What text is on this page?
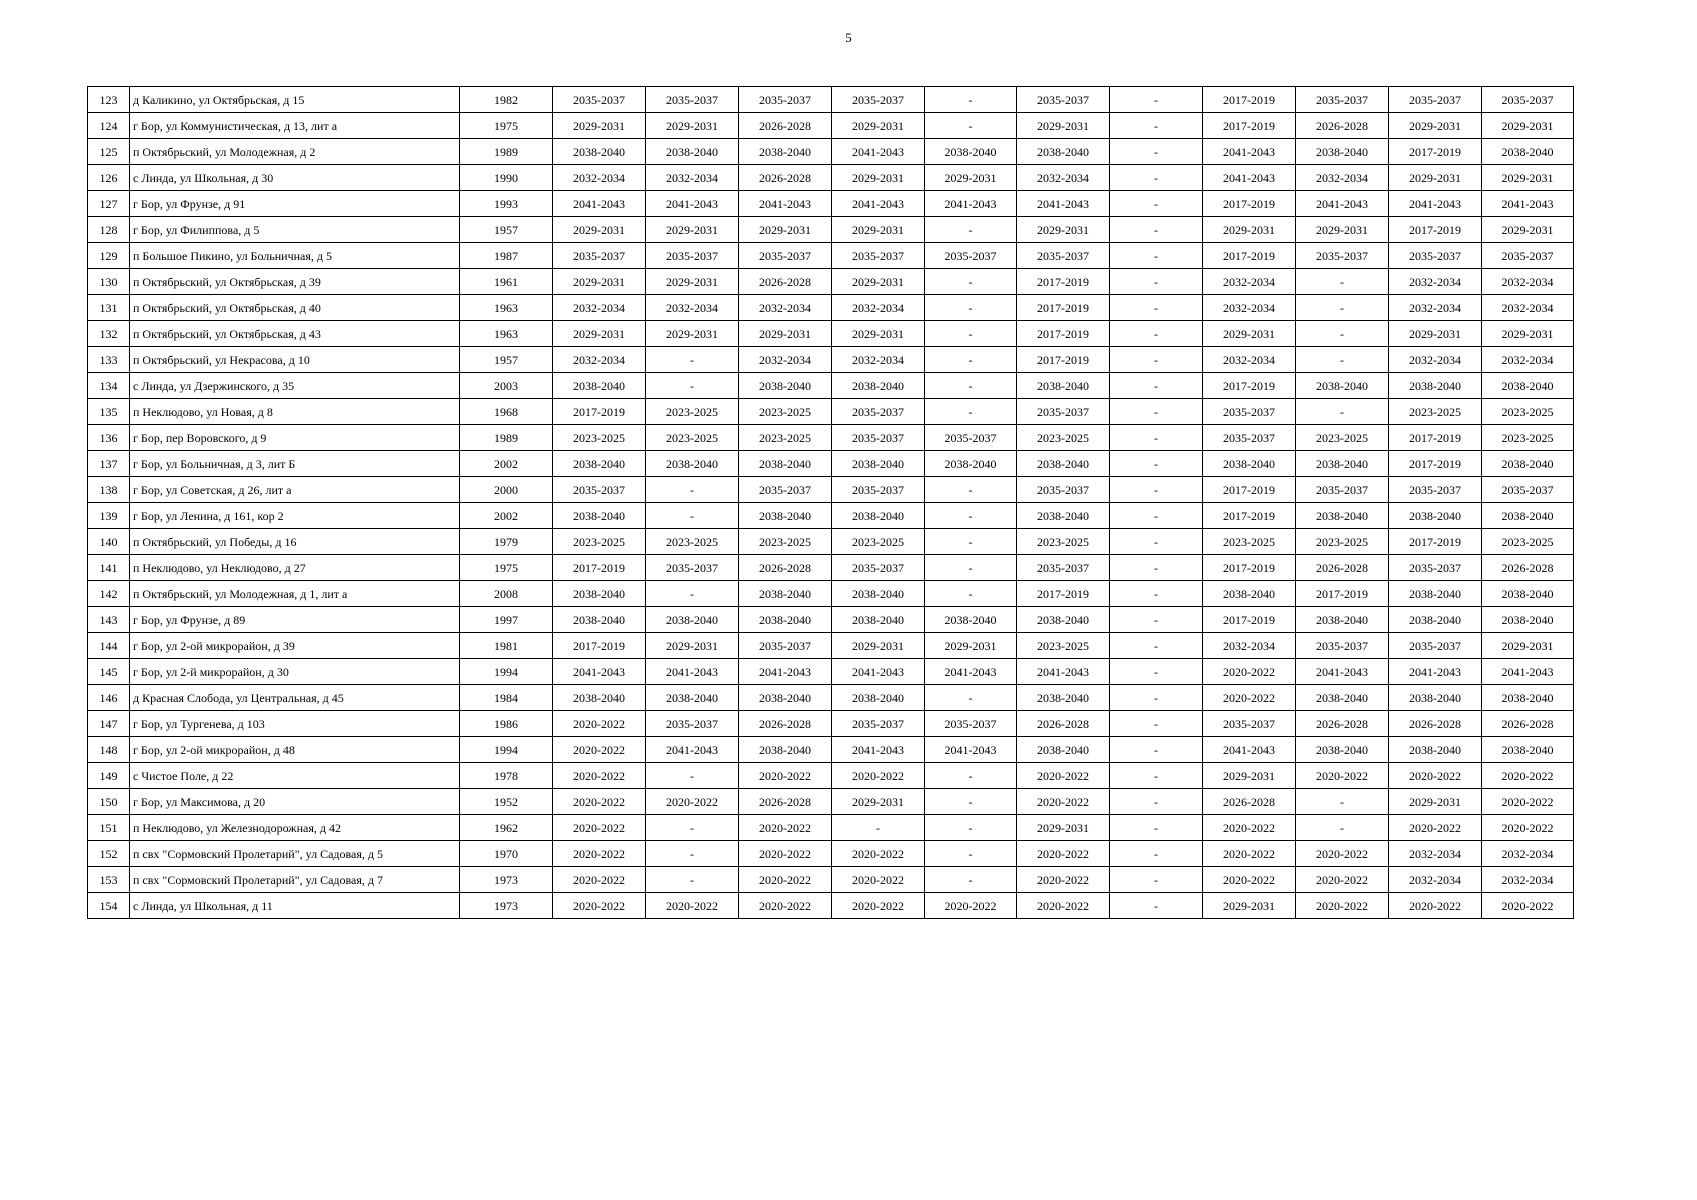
5
123	д Каликино, ул Октябрьская, д 15	1982	2035-2037	2035-2037	2035-2037	2035-2037	-	2035-2037	-	2017-2019	2035-2037	2035-2037	2035-2037
124	г Бор, ул Коммунистическая, д 13, лит а	1975	2029-2031	2029-2031	2026-2028	2029-2031	-	2029-2031	-	2017-2019	2026-2028	2029-2031	2029-2031
125	п Октябрьский, ул Молодежная, д 2	1989	2038-2040	2038-2040	2038-2040	2041-2043	2038-2040	2038-2040	-	2041-2043	2038-2040	2017-2019	2038-2040
126	с Линда, ул Школьная, д 30	1990	2032-2034	2032-2034	2026-2028	2029-2031	2029-2031	2032-2034	-	2041-2043	2032-2034	2029-2031	2029-2031
127	г Бор, ул Фрунзе, д 91	1993	2041-2043	2041-2043	2041-2043	2041-2043	2041-2043	2041-2043	-	2017-2019	2041-2043	2041-2043	2041-2043
128	г Бор, ул Филиппова, д 5	1957	2029-2031	2029-2031	2029-2031	2029-2031	-	2029-2031	-	2029-2031	2029-2031	2017-2019	2029-2031
129	п Большое Пикино, ул Больничная, д 5	1987	2035-2037	2035-2037	2035-2037	2035-2037	2035-2037	2035-2037	-	2017-2019	2035-2037	2035-2037	2035-2037
130	п Октябрьский, ул Октябрьская, д 39	1961	2029-2031	2029-2031	2026-2028	2029-2031	-	2017-2019	-	2032-2034	-	2032-2034	2032-2034
131	п Октябрьский, ул Октябрьская, д 40	1963	2032-2034	2032-2034	2032-2034	2032-2034	-	2017-2019	-	2032-2034	-	2032-2034	2032-2034
132	п Октябрьский, ул Октябрьская, д 43	1963	2029-2031	2029-2031	2029-2031	2029-2031	-	2017-2019	-	2029-2031	-	2029-2031	2029-2031
133	п Октябрьский, ул Некрасова, д 10	1957	2032-2034	-	2032-2034	2032-2034	-	2017-2019	-	2032-2034	-	2032-2034	2032-2034
134	с Линда, ул Дзержинского, д 35	2003	2038-2040	-	2038-2040	2038-2040	-	2038-2040	-	2017-2019	2038-2040	2038-2040	2038-2040
135	п Неклюдово, ул Новая, д 8	1968	2017-2019	2023-2025	2023-2025	2035-2037	-	2035-2037	-	2035-2037	-	2023-2025	2023-2025
136	г Бор, пер Воровского, д 9	1989	2023-2025	2023-2025	2023-2025	2035-2037	2035-2037	2023-2025	-	2035-2037	2023-2025	2017-2019	2023-2025
137	г Бор, ул Больничная, д 3, лит Б	2002	2038-2040	2038-2040	2038-2040	2038-2040	2038-2040	2038-2040	-	2038-2040	2038-2040	2017-2019	2038-2040
138	г Бор, ул Советская, д 26, лит а	2000	2035-2037	-	2035-2037	2035-2037	-	2035-2037	-	2017-2019	2035-2037	2035-2037	2035-2037
139	г Бор, ул Ленина, д 161, кор 2	2002	2038-2040	-	2038-2040	2038-2040	-	2038-2040	-	2017-2019	2038-2040	2038-2040	2038-2040
140	п Октябрьский, ул Победы, д 16	1979	2023-2025	2023-2025	2023-2025	2023-2025	-	2023-2025	-	2023-2025	2023-2025	2017-2019	2023-2025
141	п Неклюдово, ул Неклюдово, д 27	1975	2017-2019	2035-2037	2026-2028	2035-2037	-	2035-2037	-	2017-2019	2026-2028	2035-2037	2026-2028
142	п Октябрьский, ул Молодежная, д 1, лит а	2008	2038-2040	-	2038-2040	2038-2040	-	2017-2019	-	2038-2040	2017-2019	2038-2040	2038-2040
143	г Бор, ул Фрунзе, д 89	1997	2038-2040	2038-2040	2038-2040	2038-2040	2038-2040	2038-2040	-	2017-2019	2038-2040	2038-2040	2038-2040
144	г Бор, ул 2-ой микрорайон, д 39	1981	2017-2019	2029-2031	2035-2037	2029-2031	2029-2031	2023-2025	-	2032-2034	2035-2037	2035-2037	2029-2031
145	г Бор, ул 2-й микрорайон, д 30	1994	2041-2043	2041-2043	2041-2043	2041-2043	2041-2043	2041-2043	-	2020-2022	2041-2043	2041-2043	2041-2043
146	д Красная Слобода, ул Центральная, д 45	1984	2038-2040	2038-2040	2038-2040	2038-2040	-	2038-2040	-	2020-2022	2038-2040	2038-2040	2038-2040
147	г Бор, ул Тургенева, д 103	1986	2020-2022	2035-2037	2026-2028	2035-2037	2035-2037	2026-2028	-	2035-2037	2026-2028	2026-2028	2026-2028
148	г Бор, ул 2-ой микрорайон, д 48	1994	2020-2022	2041-2043	2038-2040	2041-2043	2041-2043	2038-2040	-	2041-2043	2038-2040	2038-2040	2038-2040
149	с Чистое Поле, д 22	1978	2020-2022	-	2020-2022	2020-2022	-	2020-2022	-	2029-2031	2020-2022	2020-2022	2020-2022
150	г Бор, ул Максимова, д 20	1952	2020-2022	2020-2022	2026-2028	2029-2031	-	2020-2022	-	2026-2028	-	2029-2031	2020-2022
151	п Неклюдово, ул Железнодорожная, д 42	1962	2020-2022	-	2020-2022	-	-	2029-2031	-	2020-2022	-	2020-2022	2020-2022
152	п свх "Сормовский Пролетарий", ул Садовая, д 5	1970	2020-2022	-	2020-2022	2020-2022	-	2020-2022	-	2020-2022	2020-2022	2032-2034	2032-2034
153	п свх "Сормовский Пролетарий", ул Садовая, д 7	1973	2020-2022	-	2020-2022	2020-2022	-	2020-2022	-	2020-2022	2020-2022	2032-2034	2032-2034
154	с Линда, ул Школьная, д 11	1973	2020-2022	2020-2022	2020-2022	2020-2022	2020-2022	2020-2022	-	2029-2031	2020-2022	2020-2022	2020-2022
